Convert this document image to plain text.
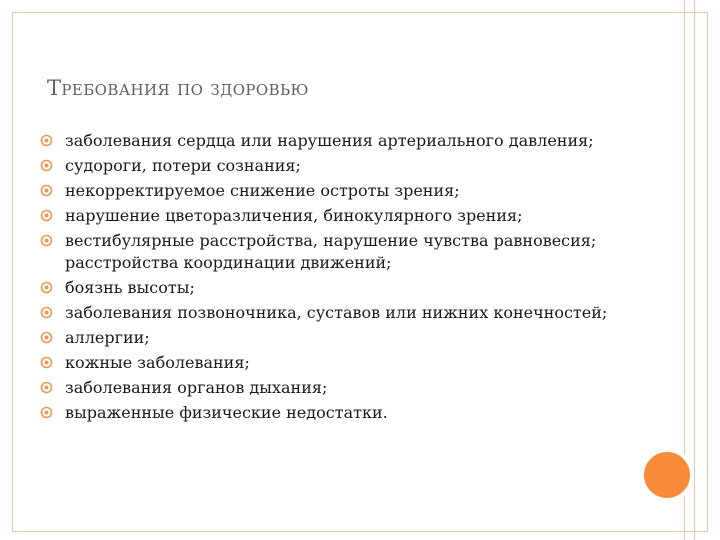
Требования по здоровью
заболевания сердца или нарушения артериального давления;
судороги, потери сознания;
некорректируемое снижение остроты зрения;
нарушение цветоразличения, бинокулярного зрения;
вестибулярные расстройства, нарушение чувства равновесия; расстройства координации движений;
боязнь высоты;
заболевания позвоночника, суставов или нижних конечностей;
аллергии;
кожные заболевания;
заболевания органов дыхания;
выраженные физические недостатки.
